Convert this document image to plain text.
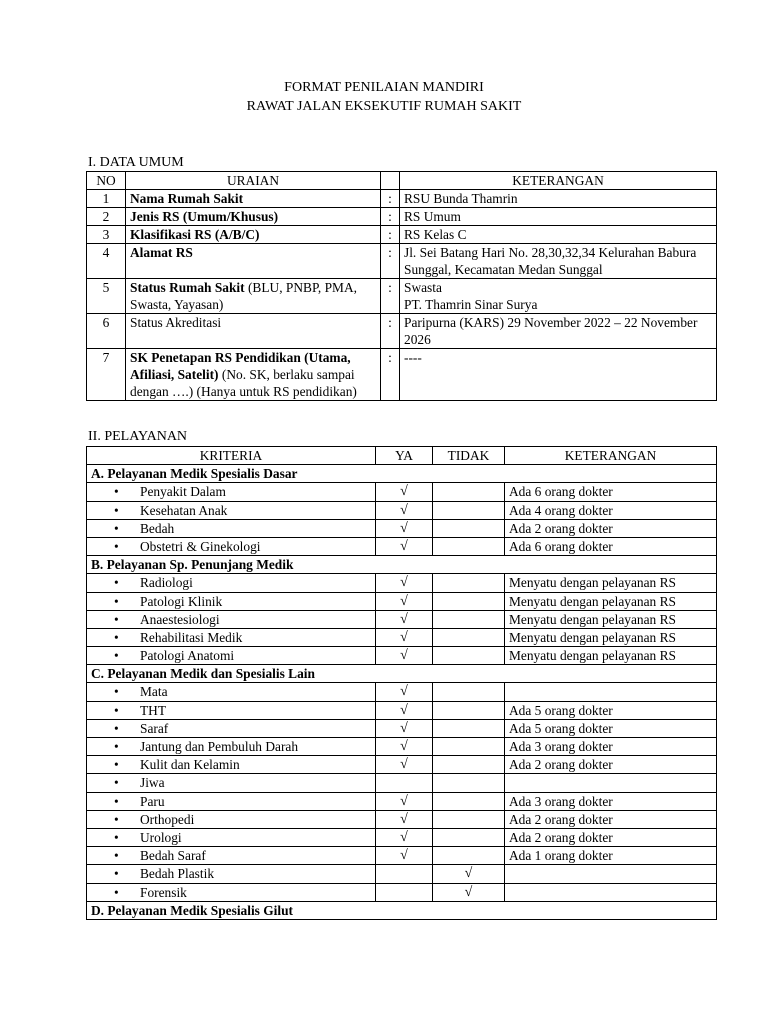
FORMAT PENILAIAN MANDIRI
RAWAT JALAN EKSEKUTIF RUMAH SAKIT
I. DATA UMUM
NO	URAIAN		KETERANGAN
1	Nama Rumah Sakit	:	RSU Bunda Thamrin
2	Jenis RS (Umum/Khusus)	:	RS Umum
3	Klasifikasi RS (A/B/C)	:	RS Kelas C
4	Alamat RS	:	Jl. Sei Batang Hari No. 28,30,32,34 Kelurahan Babura Sunggal, Kecamatan Medan Sunggal
5	Status Rumah Sakit (BLU, PNBP, PMA, Swasta, Yayasan)	:	Swasta
PT. Thamrin Sinar Surya

6	Status Akreditasi	:	Paripurna (KARS) 29 November 2022 – 22 November 2026
7	SK Penetapan RS Pendidikan (Utama, Afiliasi, Satelit) (No. SK, berlaku sampai dengan ….) (Hanya untuk RS pendidikan)	:	----
II. PELAYANAN
KRITERIA	YA	TIDAK	KETERANGAN
A. Pelayanan Medik Spesialis Dasar			
• Penyakit Dalam	√		Ada 6 orang dokter
• Kesehatan Anak	√		Ada 4 orang dokter
• Bedah	√		Ada 2 orang dokter
• Obstetri & Ginekologi	√		Ada 6 orang dokter
B. Pelayanan Sp. Penunjang Medik			
• Radiologi	√		Menyatu dengan pelayanan RS
• Patologi Klinik	√		Menyatu dengan pelayanan RS
• Anaestesiologi	√		Menyatu dengan pelayanan RS
• Rehabilitasi Medik	√		Menyatu dengan pelayanan RS
• Patologi Anatomi	√		Menyatu dengan pelayanan RS
C. Pelayanan Medik dan Spesialis Lain			
• Mata	√		
• THT	√		Ada 5 orang dokter
• Saraf	√		Ada 5 orang dokter
• Jantung dan Pembuluh Darah	√		Ada 3 orang dokter
• Kulit dan Kelamin	√		Ada 2 orang dokter
• Jiwa			
• Paru	√		Ada 3 orang dokter
• Orthopedi	√		Ada 2 orang dokter
• Urologi	√		Ada 2 orang dokter
• Bedah Saraf	√		Ada 1 orang dokter
• Bedah Plastik		√	
• Forensik		√	
D. Pelayanan Medik Spesialis Gilut			
